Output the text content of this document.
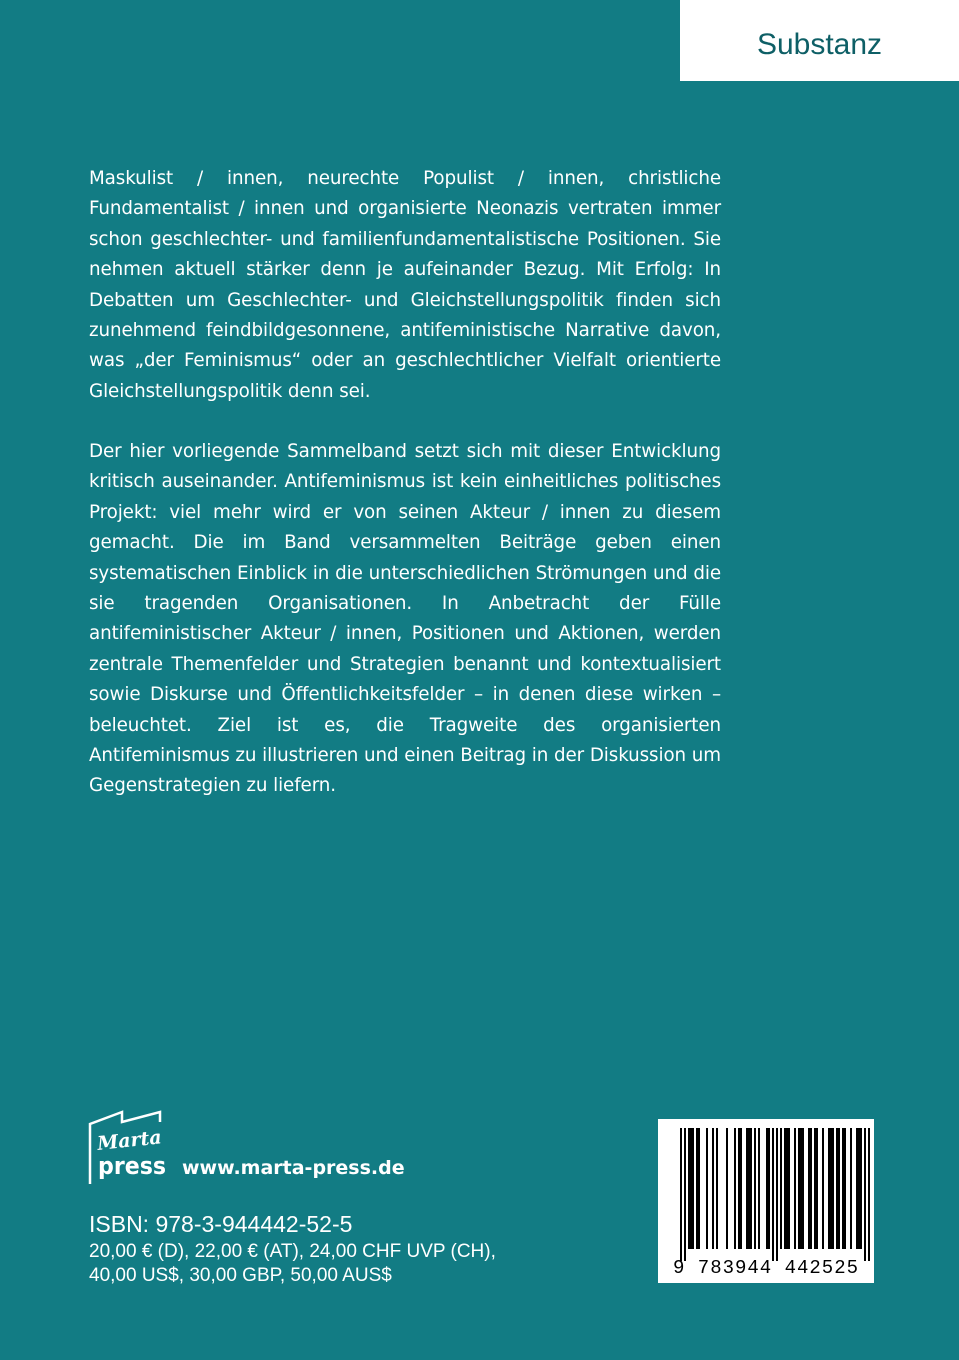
Substanz

Maskulist / innen, neurechte Populist / innen, christliche Fundamentalist / innen und organisierte Neonazis vertraten immer schon geschlechter- und familienfundamentalistische Positionen. Sie nehmen aktuell stärker denn je aufeinander Bezug. Mit Erfolg: In Debatten um Geschlechter- und Gleichstellungspolitik finden sich zunehmend feindbildgesonnene, antifeministische Narrative davon, was „der Feminismus“ oder an geschlechtlicher Vielfalt orientierte Gleichstellungspolitik denn sei.

Der hier vorliegende Sammelband setzt sich mit dieser Entwicklung kritisch auseinander. Antifeminismus ist kein einheitliches politisches Projekt: viel mehr wird er von seinen Akteur / innen zu diesem gemacht. Die im Band versammelten Beiträge geben einen systematischen Einblick in die unterschiedlichen Strömungen und die sie tragenden Organisationen. In Anbetracht der Fülle antifeministischer Akteur / innen, Positionen und Aktionen, werden zentrale Themenfelder und Strategien benannt und kontextualisiert sowie Diskurse und Öffentlichkeitsfelder – in denen diese wirken – beleuchtet. Ziel ist es, die Tragweite des organisierten Antifeminismus zu illustrieren und einen Beitrag in der Diskussion um Gegenstrategien zu liefern.

Marta
press www.marta-press.de
ISBN: 978-3-944442-52-5
20,00 € (D), 22,00 € (AT), 24,00 CHF UVP (CH),
40,00 US$, 30,00 GBP, 50,00 AUS$	9 783944 442525
